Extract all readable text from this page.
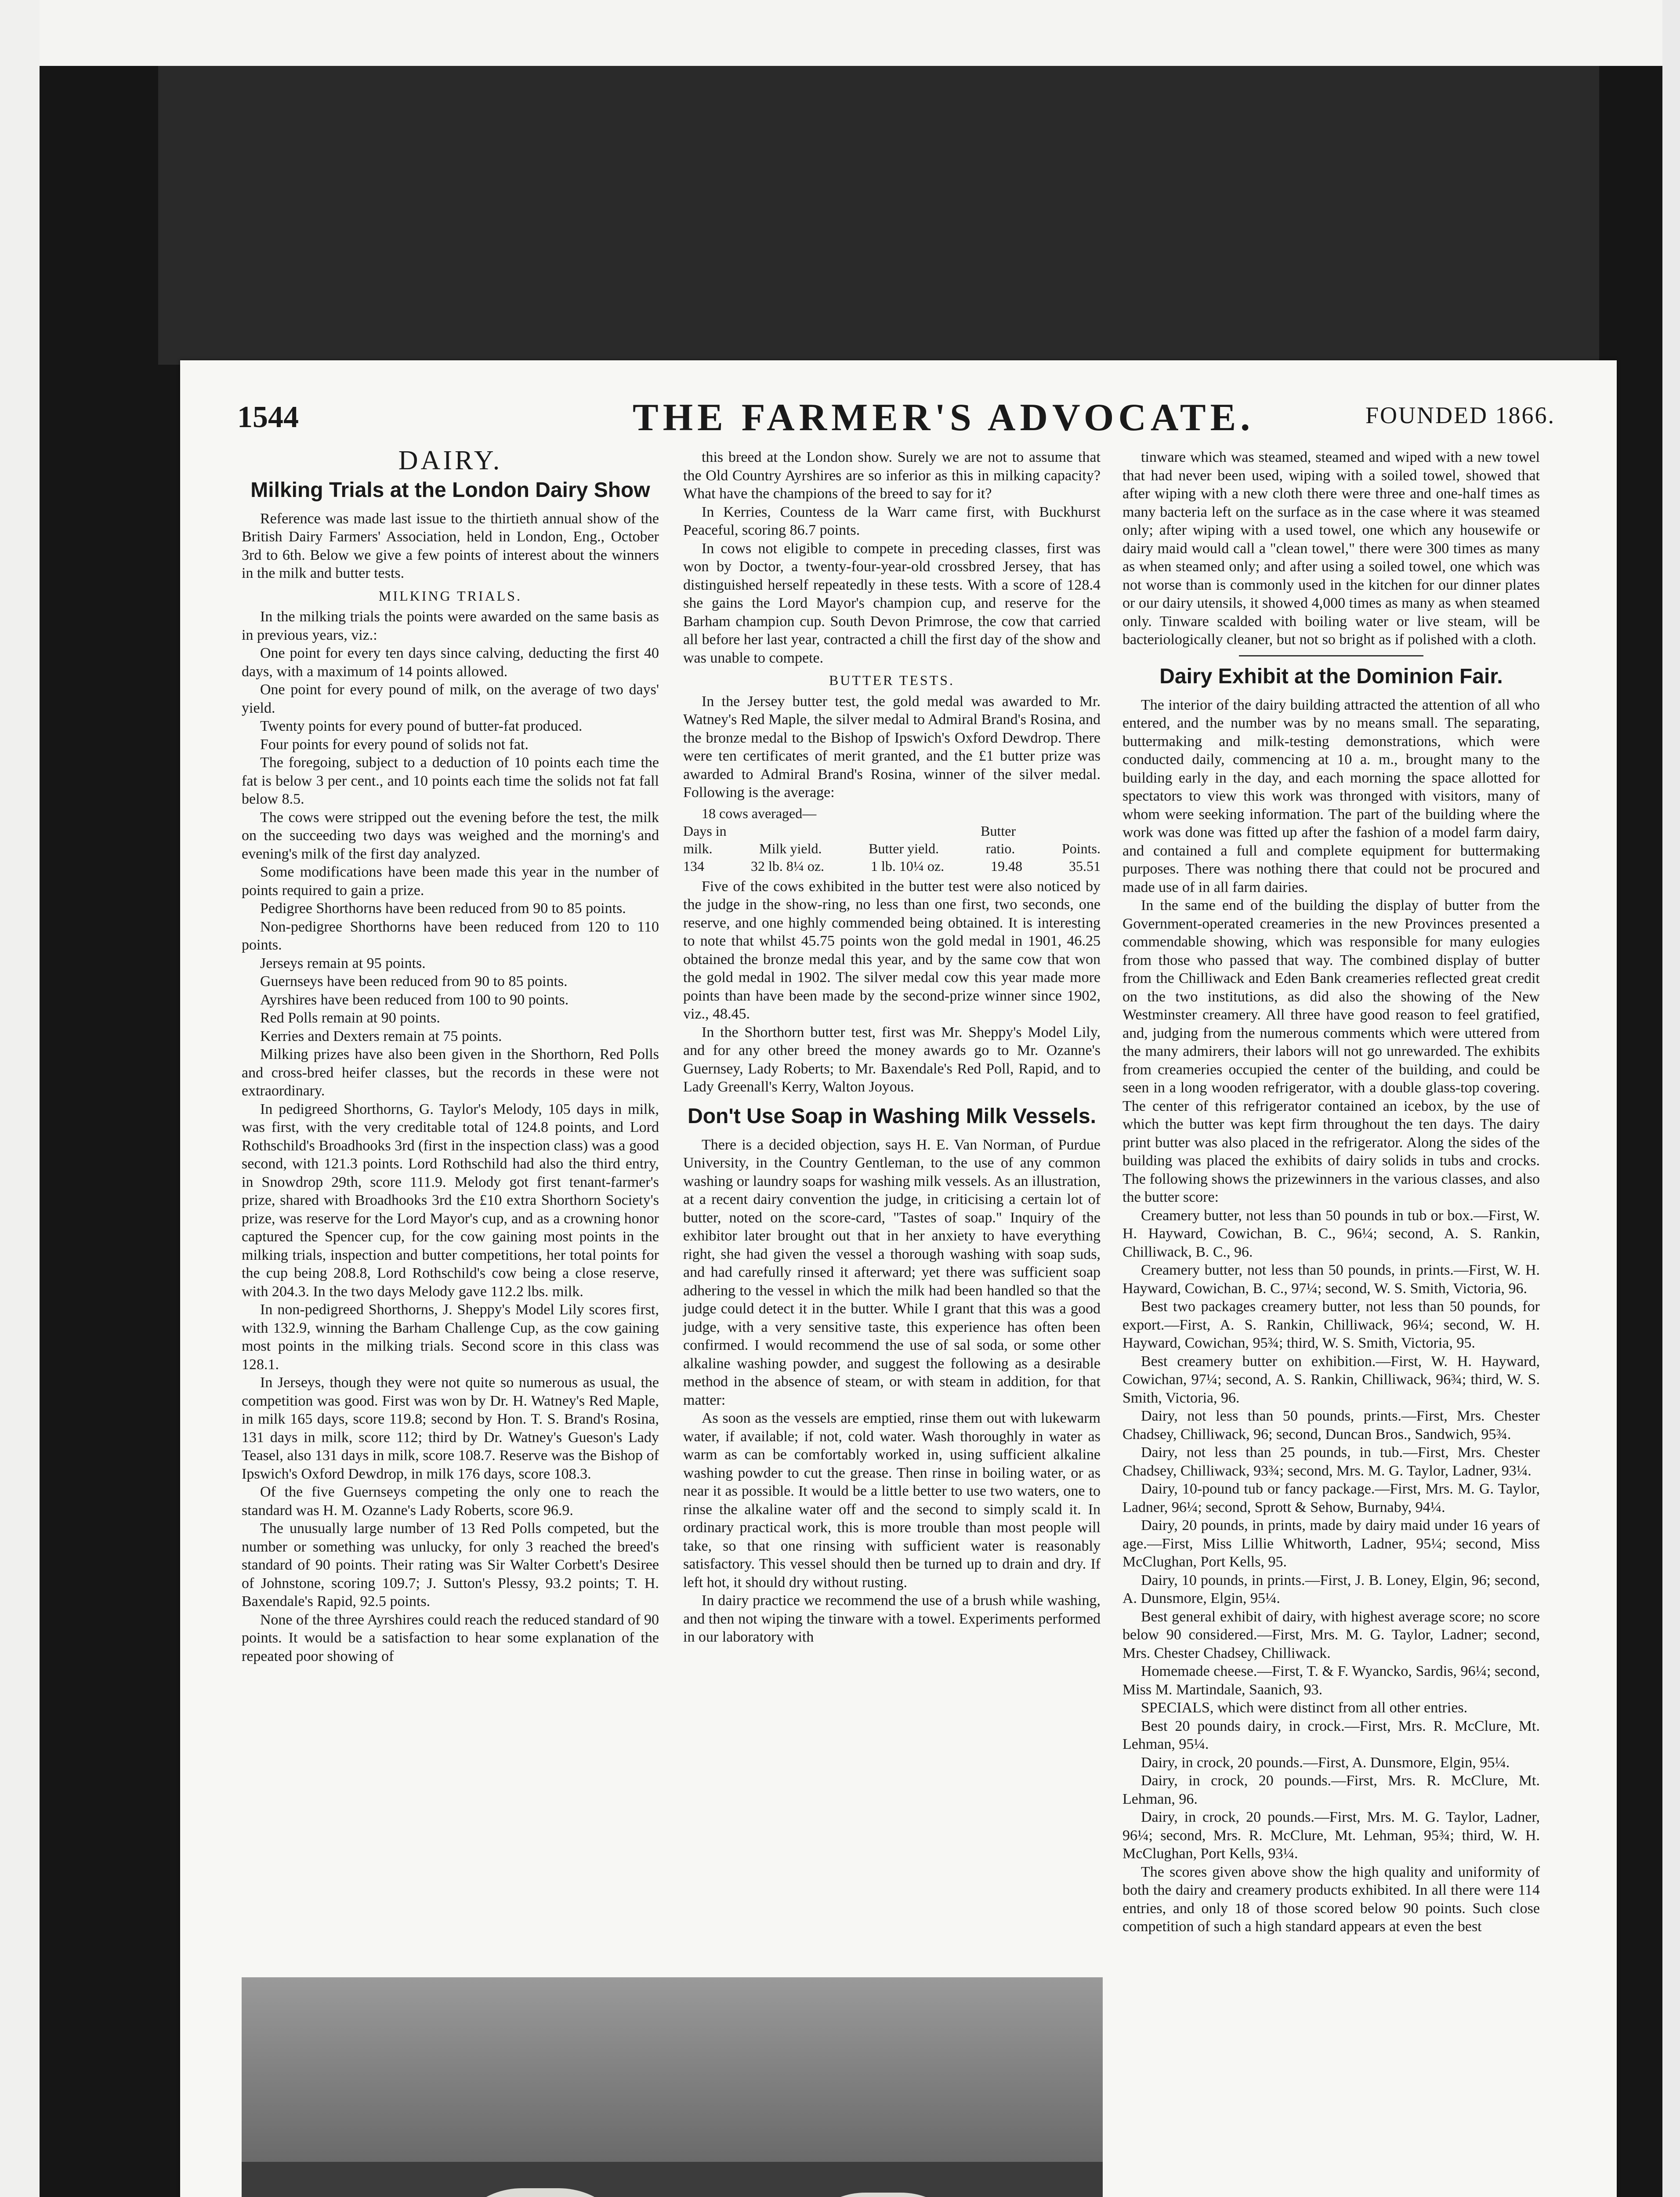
1544	THE FARMER'S ADVOCATE.	FOUNDED 1866.
DAIRY.
Milking Trials at the London Dairy Show

Reference was made last issue to the thirtieth annual show of the British Dairy Farmers' Association, held in London, Eng., October 3rd to 6th. Below we give a few points of interest about the winners in the milk and butter tests.

MILKING TRIALS.

In the milking trials the points were awarded on the same basis as in previous years, viz.:

One point for every ten days since calving, deducting the first 40 days, with a maximum of 14 points allowed.

One point for every pound of milk, on the average of two days' yield.

Twenty points for every pound of butter-fat produced.

Four points for every pound of solids not fat.

The foregoing, subject to a deduction of 10 points each time the fat is below 3 per cent., and 10 points each time the solids not fat fall below 8.5.

The cows were stripped out the evening before the test, the milk on the succeeding two days was weighed and the morning's and evening's milk of the first day analyzed.

Some modifications have been made this year in the number of points required to gain a prize.

Pedigree Shorthorns have been reduced from 90 to 85 points.

Non-pedigree Shorthorns have been reduced from 120 to 110 points.

Jerseys remain at 95 points.

Guernseys have been reduced from 90 to 85 points.

Ayrshires have been reduced from 100 to 90 points.

Red Polls remain at 90 points.

Kerries and Dexters remain at 75 points.

Milking prizes have also been given in the Shorthorn, Red Polls and cross-bred heifer classes, but the records in these were not extraordinary.

In pedigreed Shorthorns, G. Taylor's Melody, 105 days in milk, was first, with the very creditable total of 124.8 points, and Lord Rothschild's Broadhooks 3rd (first in the inspection class) was a good second, with 121.3 points. Lord Rothschild had also the third entry, in Snowdrop 29th, score 111.9. Melody got first tenant-farmer's prize, shared with Broadhooks 3rd the £10 extra Shorthorn Society's prize, was reserve for the Lord Mayor's cup, and as a crowning honor captured the Spencer cup, for the cow gaining most points in the milking trials, inspection and butter competitions, her total points for the cup being 208.8, Lord Rothschild's cow being a close reserve, with 204.3. In the two days Melody gave 112.2 lbs. milk.

In non-pedigreed Shorthorns, J. Sheppy's Model Lily scores first, with 132.9, winning the Barham Challenge Cup, as the cow gaining most points in the milking trials. Second score in this class was 128.1.

In Jerseys, though they were not quite so numerous as usual, the competition was good. First was won by Dr. H. Watney's Red Maple, in milk 165 days, score 119.8; second by Hon. T. S. Brand's Rosina, 131 days in milk, score 112; third by Dr. Watney's Gueson's Lady Teasel, also 131 days in milk, score 108.7. Reserve was the Bishop of Ipswich's Oxford Dewdrop, in milk 176 days, score 108.3.

Of the five Guernseys competing the only one to reach the standard was H. M. Ozanne's Lady Roberts, score 96.9.

The unusually large number of 13 Red Polls competed, but the number or something was unlucky, for only 3 reached the breed's standard of 90 points. Their rating was Sir Walter Corbett's Desiree of Johnstone, scoring 109.7; J. Sutton's Plessy, 93.2 points; T. H. Baxendale's Rapid, 92.5 points.

None of the three Ayrshires could reach the reduced standard of 90 points. It would be a satisfaction to hear some explanation of the repeated poor showing of

this breed at the London show. Surely we are not to assume that the Old Country Ayrshires are so inferior as this in milking capacity? What have the champions of the breed to say for it?

In Kerries, Countess de la Warr came first, with Buckhurst Peaceful, scoring 86.7 points.

In cows not eligible to compete in preceding classes, first was won by Doctor, a twenty-four-year-old crossbred Jersey, that has distinguished herself repeatedly in these tests. With a score of 128.4 she gains the Lord Mayor's champion cup, and reserve for the Barham champion cup. South Devon Primrose, the cow that carried all before her last year, contracted a chill the first day of the show and was unable to compete.

BUTTER TESTS.

In the Jersey butter test, the gold medal was awarded to Mr. Watney's Red Maple, the silver medal to Admiral Brand's Rosina, and the bronze medal to the Bishop of Ipswich's Oxford Dewdrop. There were ten certificates of merit granted, and the £1 butter prize was awarded to Admiral Brand's Rosina, winner of the silver medal. Following is the average:

18 cows averaged—

Days in	Butter
milk.	Milk yield.	Butter yield.	ratio.	Points.
134	32 lb. 8¼ oz.	1 lb. 10¼ oz.	19.48	35.51

Five of the cows exhibited in the butter test were also noticed by the judge in the show-ring, no less than one first, two seconds, one reserve, and one highly commended being obtained. It is interesting to note that whilst 45.75 points won the gold medal in 1901, 46.25 obtained the bronze medal this year, and by the same cow that won the gold medal in 1902. The silver medal cow this year made more points than have been made by the second-prize winner since 1902, viz., 48.45.

In the Shorthorn butter test, first was Mr. Sheppy's Model Lily, and for any other breed the money awards go to Mr. Ozanne's Guernsey, Lady Roberts; to Mr. Baxendale's Red Poll, Rapid, and to Lady Greenall's Kerry, Walton Joyous.

Don't Use Soap in Washing Milk Vessels.

There is a decided objection, says H. E. Van Norman, of Purdue University, in the Country Gentleman, to the use of any common washing or laundry soaps for washing milk vessels. As an illustration, at a recent dairy convention the judge, in criticising a certain lot of butter, noted on the score-card, "Tastes of soap." Inquiry of the exhibitor later brought out that in her anxiety to have everything right, she had given the vessel a thorough washing with soap suds, and had carefully rinsed it afterward; yet there was sufficient soap adhering to the vessel in which the milk had been handled so that the judge could detect it in the butter. While I grant that this was a good judge, with a very sensitive taste, this experience has often been confirmed. I would recommend the use of sal soda, or some other alkaline washing powder, and suggest the following as a desirable method in the absence of steam, or with steam in addition, for that matter:

As soon as the vessels are emptied, rinse them out with lukewarm water, if available; if not, cold water. Wash thoroughly in water as warm as can be comfortably worked in, using sufficient alkaline washing powder to cut the grease. Then rinse in boiling water, or as near it as possible. It would be a little better to use two waters, one to rinse the alkaline water off and the second to simply scald it. In ordinary practical work, this is more trouble than most people will take, so that one rinsing with sufficient water is reasonably satisfactory. This vessel should then be turned up to drain and dry. If left hot, it should dry without rusting.

In dairy practice we recommend the use of a brush while washing, and then not wiping the tinware with a towel. Experiments performed in our laboratory with

tinware which was steamed, steamed and wiped with a new towel that had never been used, wiping with a soiled towel, showed that after wiping with a new cloth there were three and one-half times as many bacteria left on the surface as in the case where it was steamed only; after wiping with a used towel, one which any housewife or dairy maid would call a "clean towel," there were 300 times as many as when steamed only; and after using a soiled towel, one which was not worse than is commonly used in the kitchen for our dinner plates or our dairy utensils, it showed 4,000 times as many as when steamed only. Tinware scalded with boiling water or live steam, will be bacteriologically cleaner, but not so bright as if polished with a cloth.

Dairy Exhibit at the Dominion Fair.

The interior of the dairy building attracted the attention of all who entered, and the number was by no means small. The separating, buttermaking and milk-testing demonstrations, which were conducted daily, commencing at 10 a. m., brought many to the building early in the day, and each morning the space allotted for spectators to view this work was thronged with visitors, many of whom were seeking information. The part of the building where the work was done was fitted up after the fashion of a model farm dairy, and contained a full and complete equipment for buttermaking purposes. There was nothing there that could not be procured and made use of in all farm dairies.

In the same end of the building the display of butter from the Government-operated creameries in the new Provinces presented a commendable showing, which was responsible for many eulogies from those who passed that way. The combined display of butter from the Chilliwack and Eden Bank creameries reflected great credit on the two institutions, as did also the showing of the New Westminster creamery. All three have good reason to feel gratified, and, judging from the numerous comments which were uttered from the many admirers, their labors will not go unrewarded. The exhibits from creameries occupied the center of the building, and could be seen in a long wooden refrigerator, with a double glass-top covering. The center of this refrigerator contained an icebox, by the use of which the butter was kept firm throughout the ten days. The dairy print butter was also placed in the refrigerator. Along the sides of the building was placed the exhibits of dairy solids in tubs and crocks. The following shows the prizewinners in the various classes, and also the butter score:

Creamery butter, not less than 50 pounds in tub or box.—First, W. H. Hayward, Cowichan, B. C., 96¼; second, A. S. Rankin, Chilliwack, B. C., 96.

Creamery butter, not less than 50 pounds, in prints.—First, W. H. Hayward, Cowichan, B. C., 97¼; second, W. S. Smith, Victoria, 96.

Best two packages creamery butter, not less than 50 pounds, for export.—First, A. S. Rankin, Chilliwack, 96¼; second, W. H. Hayward, Cowichan, 95¾; third, W. S. Smith, Victoria, 95.

Best creamery butter on exhibition.—First, W. H. Hayward, Cowichan, 97¼; second, A. S. Rankin, Chilliwack, 96¾; third, W. S. Smith, Victoria, 96.

Dairy, not less than 50 pounds, prints.—First, Mrs. Chester Chadsey, Chilliwack, 96; second, Duncan Bros., Sandwich, 95¾.

Dairy, not less than 25 pounds, in tub.—First, Mrs. Chester Chadsey, Chilliwack, 93¾; second, Mrs. M. G. Taylor, Ladner, 93¼.

Dairy, 10-pound tub or fancy package.—First, Mrs. M. G. Taylor, Ladner, 96¼; second, Sprott & Sehow, Burnaby, 94¼.

Dairy, 20 pounds, in prints, made by dairy maid under 16 years of age.—First, Miss Lillie Whitworth, Ladner, 95¼; second, Miss McClughan, Port Kells, 95.

Dairy, 10 pounds, in prints.—First, J. B. Loney, Elgin, 96; second, A. Dunsmore, Elgin, 95¼.

Best general exhibit of dairy, with highest average score; no score below 90 considered.—First, Mrs. M. G. Taylor, Ladner; second, Mrs. Chester Chadsey, Chilliwack.

Homemade cheese.—First, T. & F. Wyancko, Sardis, 96¼; second, Miss M. Martindale, Saanich, 93.

SPECIALS, which were distinct from all other entries.

Best 20 pounds dairy, in crock.—First, Mrs. R. McClure, Mt. Lehman, 95¼.

Dairy, in crock, 20 pounds.—First, A. Dunsmore, Elgin, 95¼.

Dairy, in crock, 20 pounds.—First, Mrs. R. McClure, Mt. Lehman, 96.

Dairy, in crock, 20 pounds.—First, Mrs. M. G. Taylor, Ladner, 96¼; second, Mrs. R. McClure, Mt. Lehman, 95¾; third, W. H. McClughan, Port Kells, 93¼.

The scores given above show the high quality and uniformity of both the dairy and creamery products exhibited. In all there were 114 entries, and only 18 of those scored below 90 points. Such close competition of such a high standard appears at even the best
